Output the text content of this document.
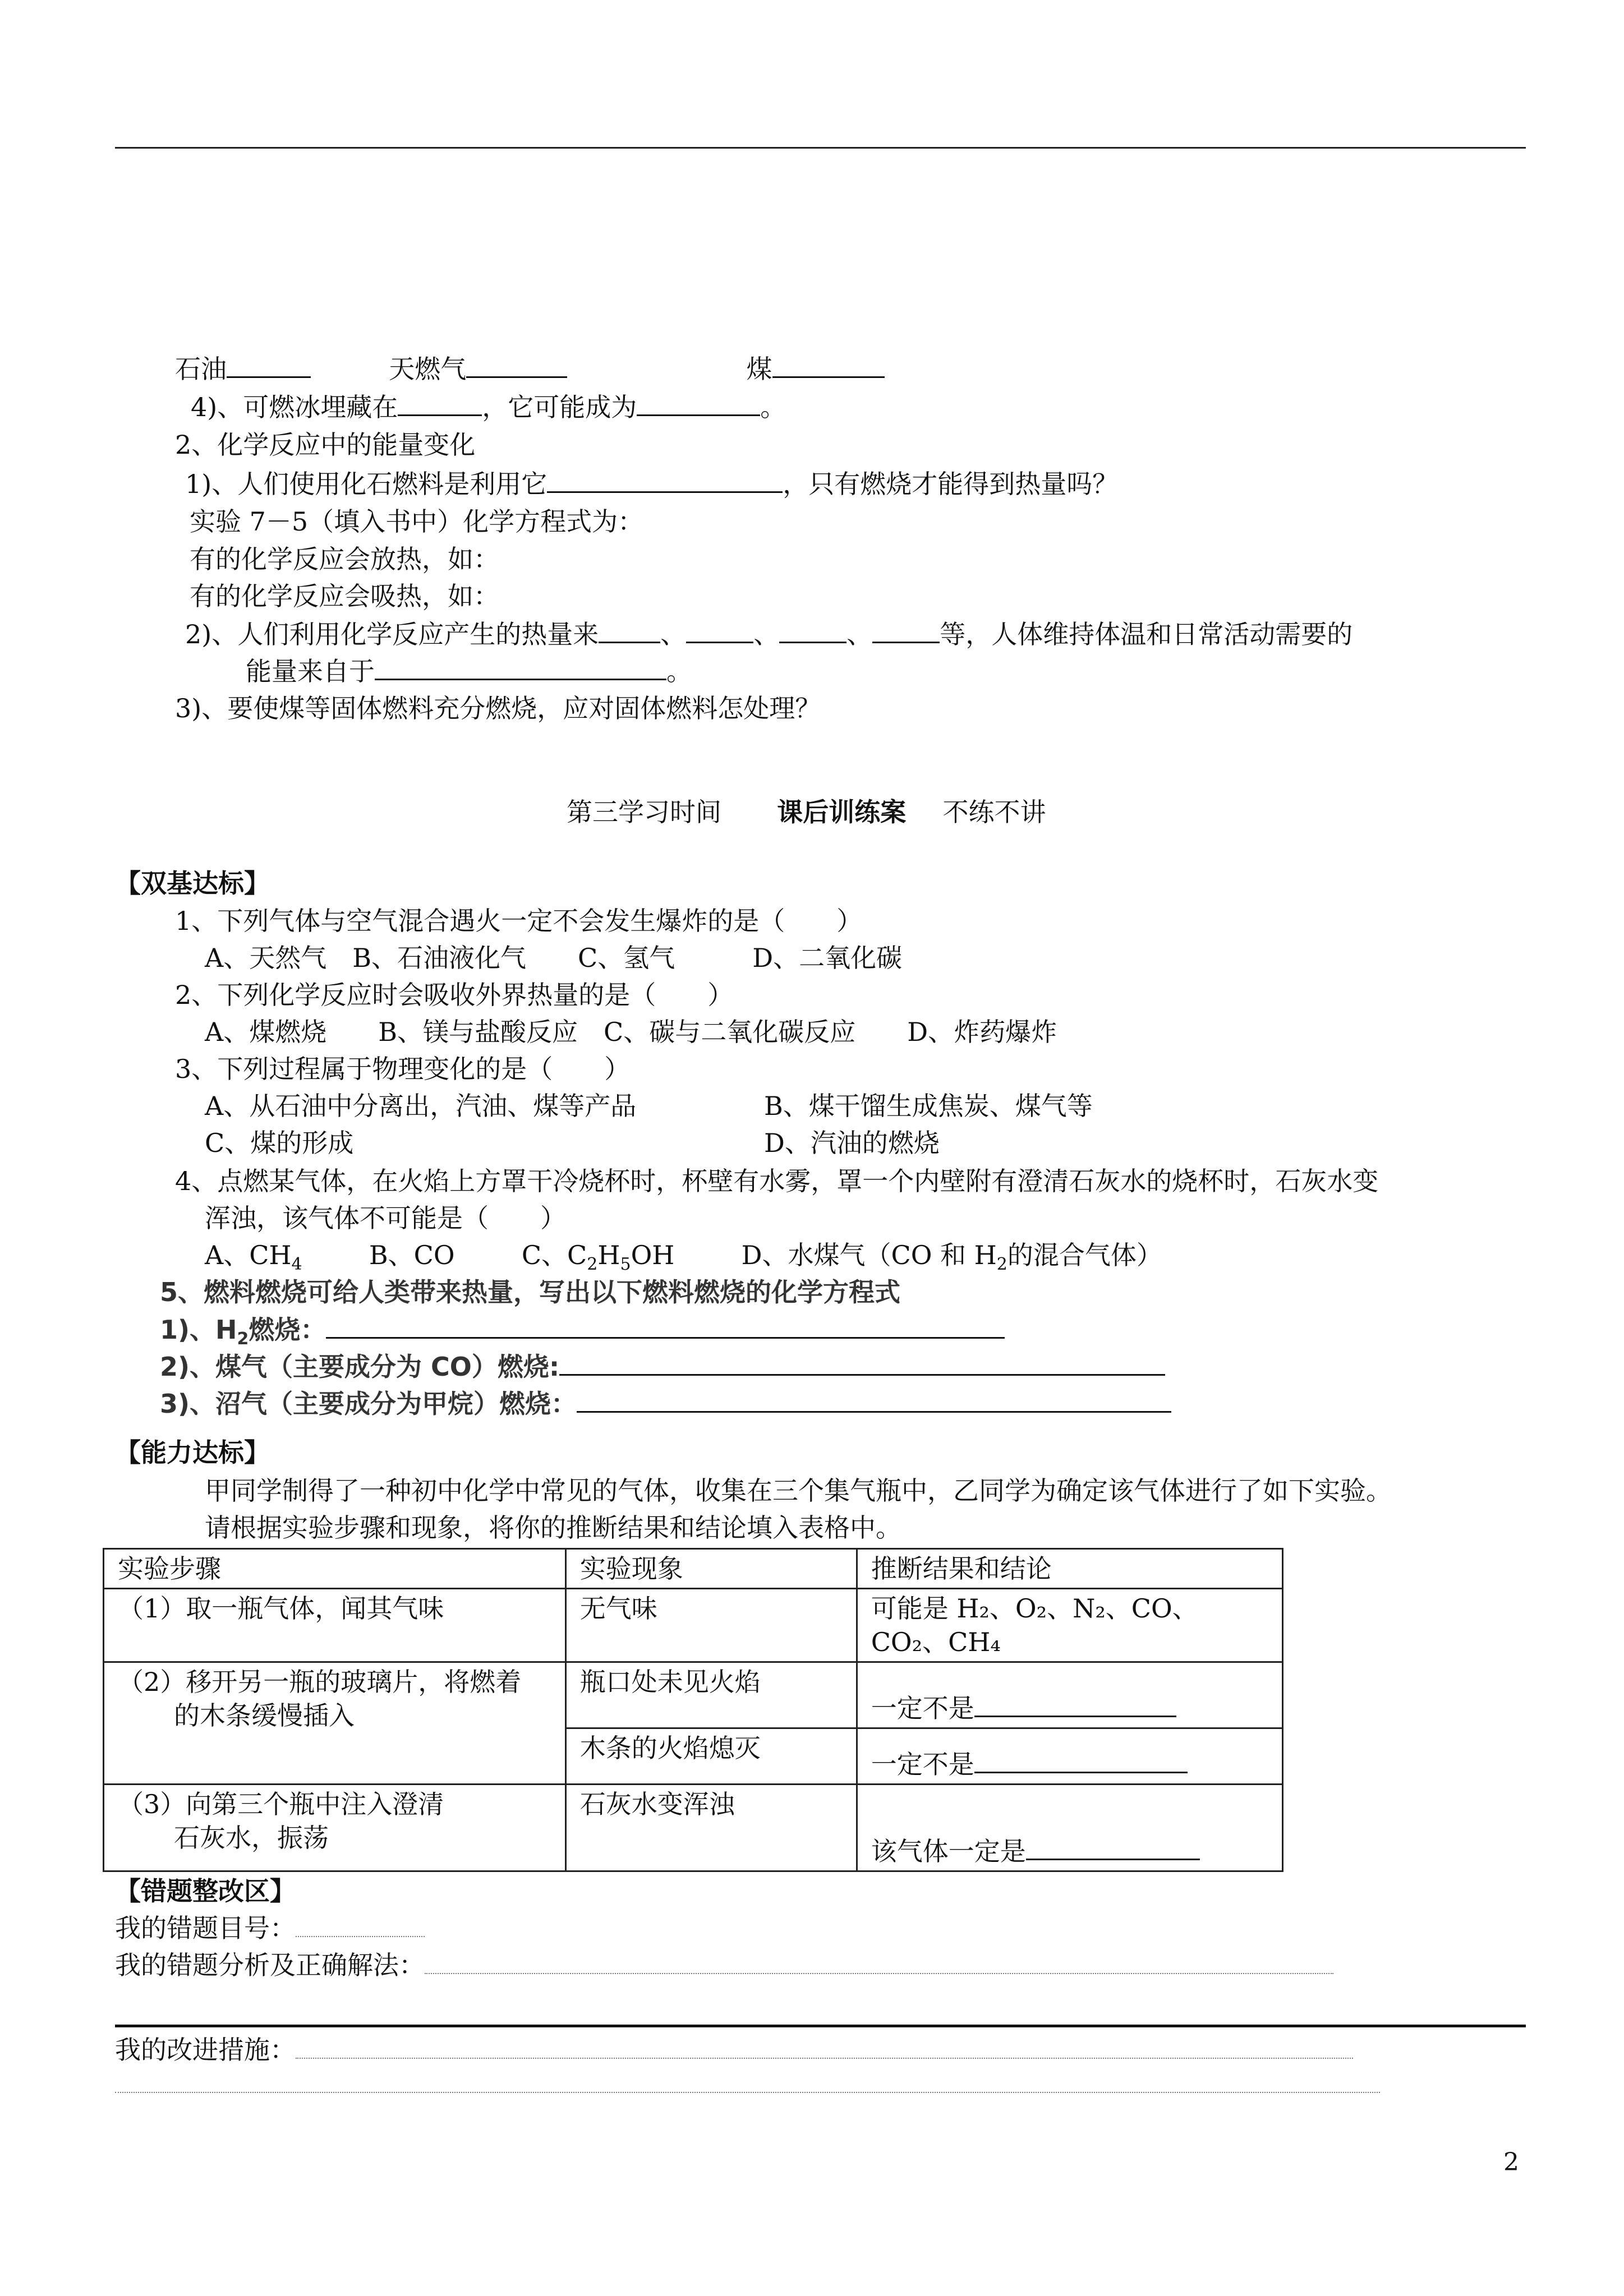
石油	天燃气	煤
4)、可燃冰埋藏在	，它可能成为	。
2、化学反应中的能量变化
1)、人们使用化石燃料是利用它	，只有燃烧才能得到热量吗？
实验 7－5（填入书中）化学方程式为：
有的化学反应会放热，如：
有的化学反应会吸热，如：
2)、人们利用化学反应产生的热量来 、	、	、	等，人体维持体温和日常活动需要的
能量来自于	。
3)、要使煤等固体燃料充分燃烧，应对固体燃料怎处理？
第三学习时间 课后训练案 不练不讲
【双基达标】
1、下列气体与空气混合遇火一定不会发生爆炸的是（　　）
A、天然气　B、石油液化气　　C、氢气　　　D、二氧化碳
2、下列化学反应时会吸收外界热量的是（　　）
A、煤燃烧　　B、镁与盐酸反应　C、碳与二氧化碳反应　　D、炸药爆炸
3、下列过程属于物理变化的是（　　）
A、从石油中分离出，汽油、煤等产品	B、煤干馏生成焦炭、煤气等
C、煤的形成	D、汽油的燃烧
4、点燃某气体，在火焰上方罩干冷烧杯时，杯壁有水雾，罩一个内壁附有澄清石灰水的烧杯时，石灰水变
浑浊，该气体不可能是（　　）
A、$CH_4$	B、CO	C、$C_2H_5OH$	D、水煤气（CO 和 $H_2$的混合气体）
5、燃料燃烧可给人类带来热量，写出以下燃料燃烧的化学方程式
1)、$H_2$燃烧：
2)、煤气（主要成分为 CO）燃烧:
3)、沼气（主要成分为甲烷）燃烧：
【能力达标】
甲同学制得了一种初中化学中常见的气体，收集在三个集气瓶中，乙同学为确定该气体进行了如下实验。
请根据实验步骤和现象，将你的推断结果和结论填入表格中。
实验步骤	实验现象	推断结果和结论
（1）取一瓶气体，闻其气味	无气味	可能是 H₂、O₂、N₂、CO、CO₂、CH₄

（2）移开另一瓶的玻璃片，将燃着
的木条缓慢插入	瓶口处未见火焰	一定不是
	木条的火焰熄灭	一定不是

（3）向第三个瓶中注入澄清
石灰水，振荡	石灰水变浑浊	该气体一定是
【错题整改区】
我的错题目号：
我的错题分析及正确解法：
我的改进措施：
2
